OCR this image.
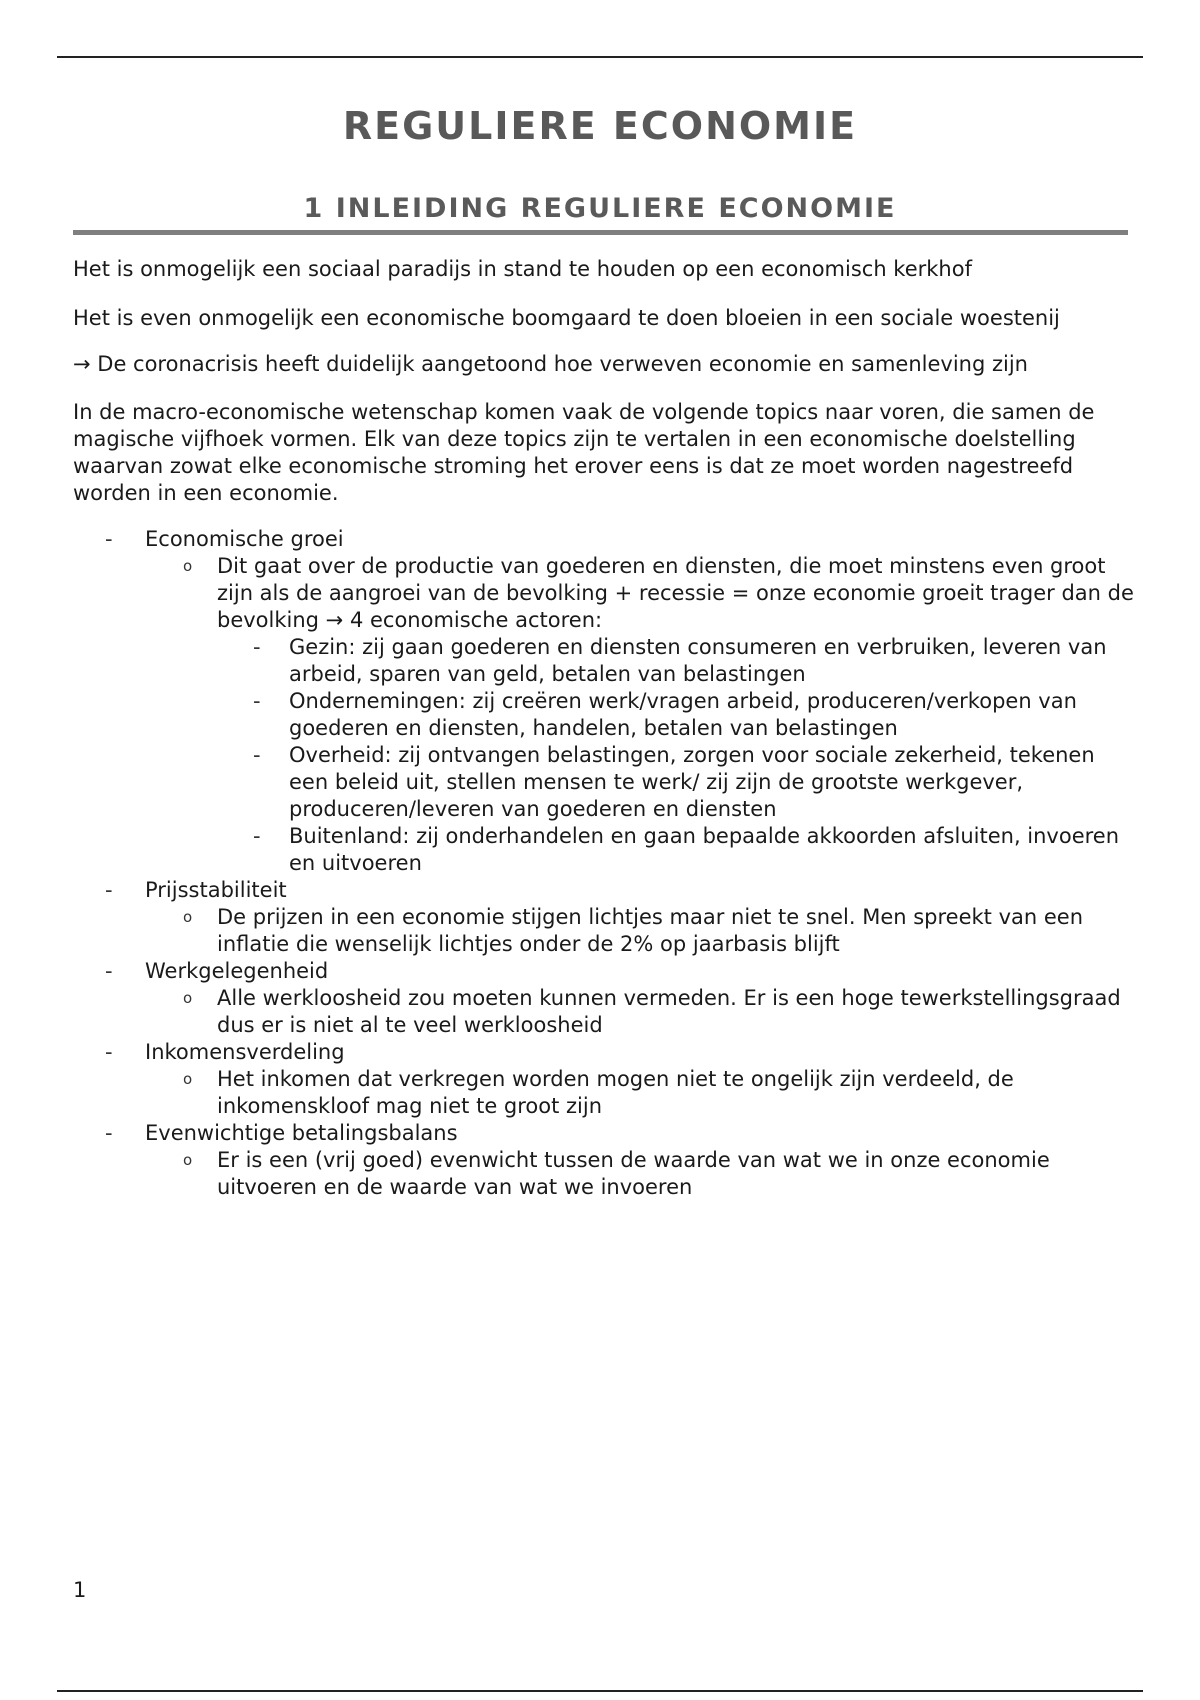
REGULIERE ECONOMIE
1 INLEIDING REGULIERE ECONOMIE

Het is onmogelijk een sociaal paradijs in stand te houden op een economisch kerkhof

Het is even onmogelijk een economische boomgaard te doen bloeien in een sociale woestenij

→ De coronacrisis heeft duidelijk aangetoond hoe verweven economie en samenleving zijn

In de macro-economische wetenschap komen vaak de volgende topics naar voren, die samen de magische vijfhoek vormen. Elk van deze topics zijn te vertalen in een economische doelstelling waarvan zowat elke economische stroming het erover eens is dat ze moet worden nagestreefd worden in een economie.

- Economische groei
o Dit gaat over de productie van goederen en diensten, die moet minstens even groot zijn als de aangroei van de bevolking + recessie = onze economie groeit trager dan de bevolking → 4 economische actoren:
- Gezin: zij gaan goederen en diensten consumeren en verbruiken, leveren van arbeid, sparen van geld, betalen van belastingen
- Ondernemingen: zij creëren werk/vragen arbeid, produceren/verkopen van goederen en diensten, handelen, betalen van belastingen
- Overheid: zij ontvangen belastingen, zorgen voor sociale zekerheid, tekenen een beleid uit, stellen mensen te werk/ zij zijn de grootste werkgever, produceren/leveren van goederen en diensten
- Buitenland: zij onderhandelen en gaan bepaalde akkoorden afsluiten, invoeren en uitvoeren
- Prijsstabiliteit
o De prijzen in een economie stijgen lichtjes maar niet te snel. Men spreekt van een inflatie die wenselijk lichtjes onder de 2% op jaarbasis blijft
- Werkgelegenheid
o Alle werkloosheid zou moeten kunnen vermeden. Er is een hoge tewerkstellingsgraad dus er is niet al te veel werkloosheid
- Inkomensverdeling
o Het inkomen dat verkregen worden mogen niet te ongelijk zijn verdeeld, de inkomenskloof mag niet te groot zijn
- Evenwichtige betalingsbalans
o Er is een (vrij goed) evenwicht tussen de waarde van wat we in onze economie uitvoeren en de waarde van wat we invoeren

1
